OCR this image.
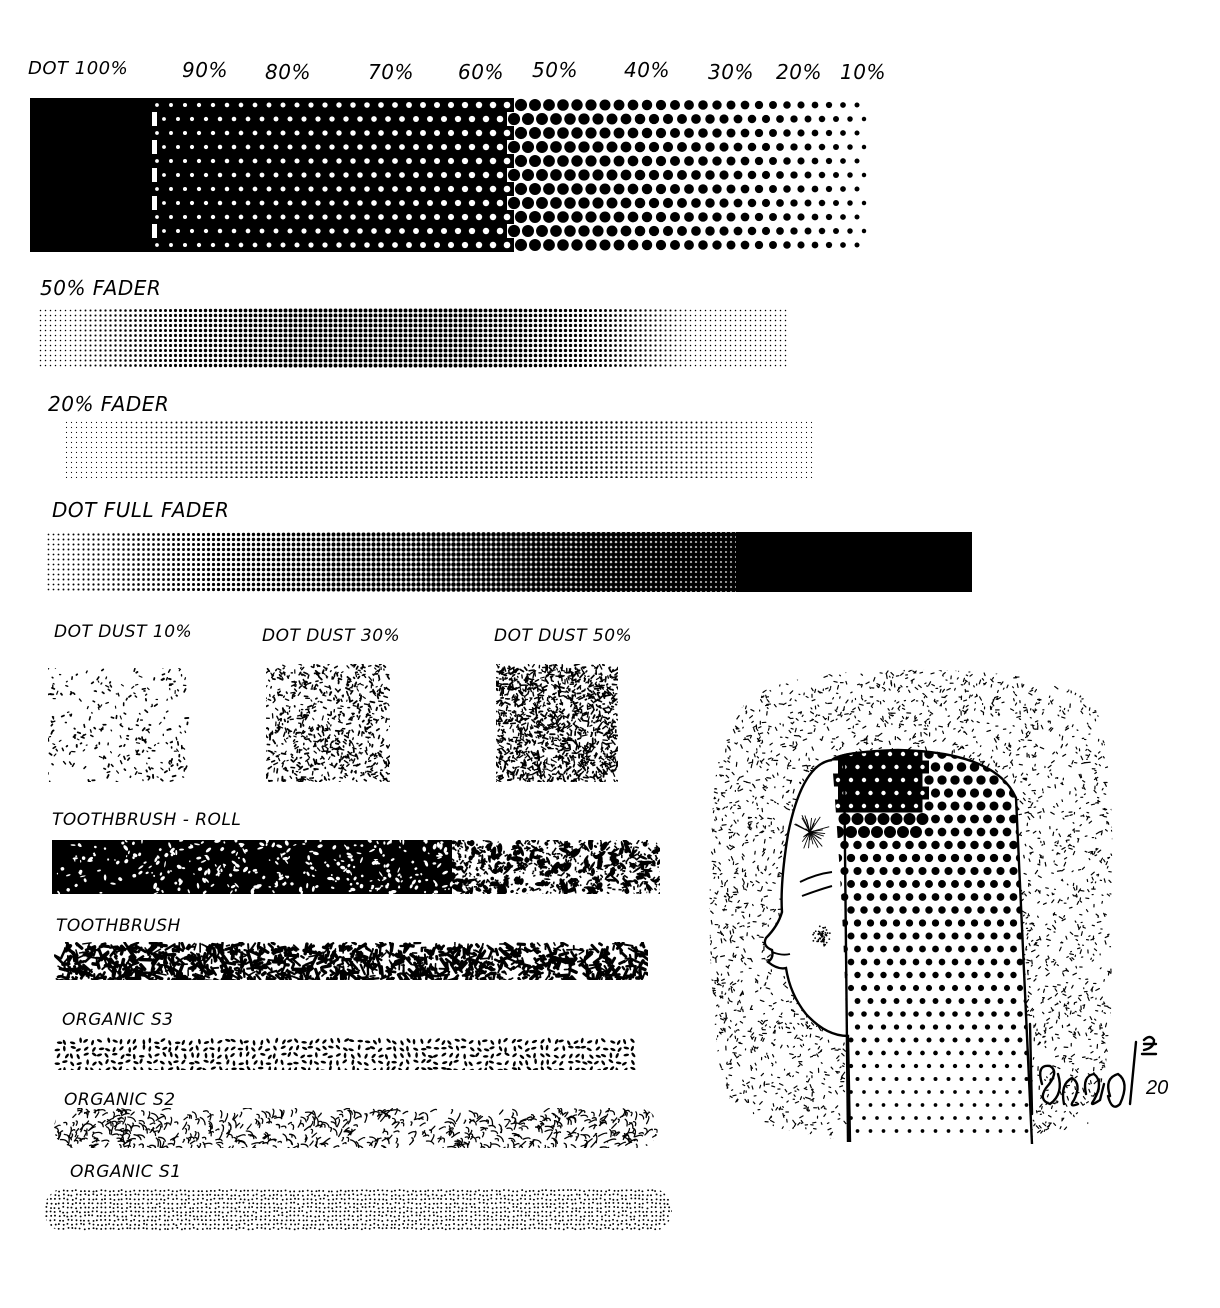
DOT 100%	90% 80%	70% 60% 50% 40% 30% 20% 10%
50% FADER
20% FADER
DOT FULL FADER
DOT DUST 10%	DOT DUST 30%	DOT DUST 50%
TOOTHBRUSH - ROLL
TOOTHBRUSH
ORGANIC S3
ORGANIC S2
ORGANIC S1
20
